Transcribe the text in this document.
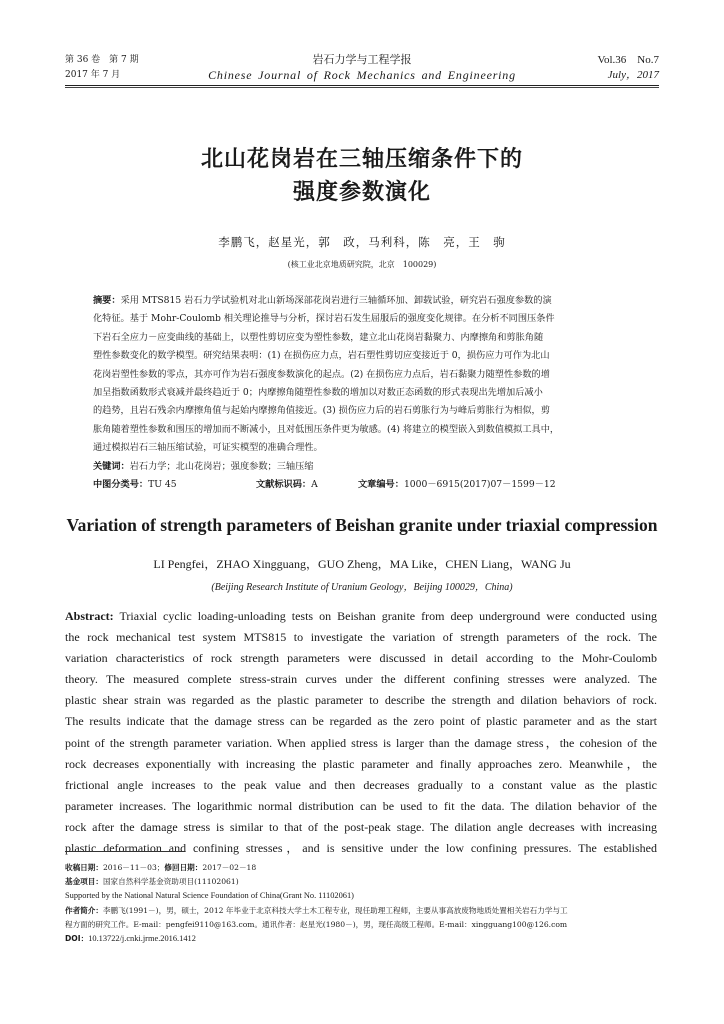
第 36 卷　第 7 期	岩石力学与工程学报	Vol.36　No.7
2017 年 7 月	Chinese Journal of Rock Mechanics and Engineering	July，2017
北山花岗岩在三轴压缩条件下的
强度参数演化
李鹏飞，赵星光，郭　政，马利科，陈　亮，王　驹
(核工业北京地质研究院，北京　100029)
摘要：采用 MTS815 岩石力学试验机对北山新场深部花岗岩进行三轴循环加、卸载试验，研究岩石强度参数的演
化特征。基于 Mohr-Coulomb 相关理论推导与分析，探讨岩石发生屈服后的强度变化规律。在分析不同围压条件
下岩石全应力－应变曲线的基础上，以塑性剪切应变为塑性参数，建立北山花岗岩黏聚力、内摩擦角和剪胀角随
塑性参数变化的数学模型。研究结果表明：(1) 在损伤应力点，岩石塑性剪切应变接近于 0，损伤应力可作为北山
花岗岩塑性参数的零点，其亦可作为岩石强度参数演化的起点。(2) 在损伤应力点后，岩石黏聚力随塑性参数的增
加呈指数函数形式衰减并最终趋近于 0；内摩擦角随塑性参数的增加以对数正态函数的形式表现出先增加后减小
的趋势，且岩石残余内摩擦角值与起始内摩擦角值接近。(3) 损伤应力后的岩石剪胀行为与峰后剪胀行为相似，剪
胀角随着塑性参数和围压的增加而不断减小，且对低围压条件更为敏感。(4) 将建立的模型嵌入到数值模拟工具中，
通过模拟岩石三轴压缩试验，可证实模型的准确合理性。
关键词：岩石力学；北山花岗岩；强度参数；三轴压缩
中图分类号：TU 45	文献标识码：A	文章编号：1000－6915(2017)07－1599－12
Variation of strength parameters of Beishan granite under triaxial compression
LI Pengfei，ZHAO Xingguang，GUO Zheng，MA Like，CHEN Liang，WANG Ju
(Beijing Research Institute of Uranium Geology，Beijing 100029，China)
Abstract: Triaxial cyclic loading-unloading tests on Beishan granite from deep underground were conducted using
the rock mechanical test system MTS815 to investigate the variation of strength parameters of the rock. The
variation characteristics of rock strength parameters were discussed in detail according to the Mohr-Coulomb
theory. The measured complete stress-strain curves under the different confining stresses were analyzed. The
plastic shear strain was regarded as the plastic parameter to describe the strength and dilation behaviors of rock.
The results indicate that the damage stress can be regarded as the zero point of plastic parameter and as the start
point of the strength parameter variation. When applied stress is larger than the damage stress，the cohesion of the
rock decreases exponentially with increasing the plastic parameter and finally approaches zero. Meanwhile，the
frictional angle increases to the peak value and then decreases gradually to a constant value as the plastic
parameter increases. The logarithmic normal distribution can be used to fit the data. The dilation behavior of the
rock after the damage stress is similar to that of the post-peak stage. The dilation angle decreases with increasing
plastic deformation and confining stresses，and is sensitive under the low confining pressures. The established
收稿日期：2016－11－03；修回日期：2017－02－18
基金项目：国家自然科学基金资助项目(11102061)
Supported by the National Natural Science Foundation of China(Grant No. 11102061)
作者简介：李鹏飞(1991－)，男，硕士，2012 年毕业于北京科技大学土木工程专业，现任助理工程师，主要从事高放废物地质处置相关岩石力学与工
程方面的研究工作。E-mail：pengfei9110@163.com。通讯作者：赵星光(1980－)，男，现任高级工程师。E-mail：xingguang100@126.com
DOI：10.13722/j.cnki.jrme.2016.1412
